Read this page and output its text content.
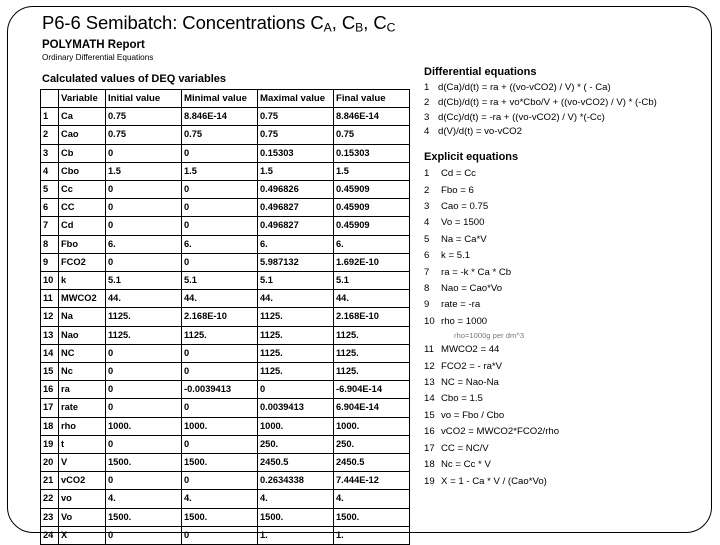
P6-6 Semibatch: Concentrations $C_A$, $C_B$, $C_C$
POLYMATH Report
Ordinary Differential Equations
Calculated values of DEQ variables
	Variable	Initial value	Minimal value	Maximal value	Final value
1	Ca	0.75	8.846E-14	0.75	8.846E-14
2	Cao	0.75	0.75	0.75	0.75
3	Cb	0	0	0.15303	0.15303
4	Cbo	1.5	1.5	1.5	1.5
5	Cc	0	0	0.496826	0.45909
6	CC	0	0	0.496827	0.45909
7	Cd	0	0	0.496827	0.45909
8	Fbo	6.	6.	6.	6.
9	FCO2	0	0	5.987132	1.692E-10
10	k	5.1	5.1	5.1	5.1
11	MWCO2	44.	44.	44.	44.
12	Na	1125.	2.168E-10	1125.	2.168E-10
13	Nao	1125.	1125.	1125.	1125.
14	NC	0	0	1125.	1125.
15	Nc	0	0	1125.	1125.
16	ra	0	-0.0039413	0	-6.904E-14
17	rate	0	0	0.0039413	6.904E-14
18	rho	1000.	1000.	1000.	1000.
19	t	0	0	250.	250.
20	V	1500.	1500.	2450.5	2450.5
21	vCO2	0	0	0.2634338	7.444E-12
22	vo	4.	4.	4.	4.
23	Vo	1500.	1500.	1500.	1500.
24	X	0	0	1.	1.
Differential equations
1 d(Ca)/d(t) = ra + ((vo-vCO2) / V) * ( - Ca)
2 d(Cb)/d(t) = ra + vo*Cbo/V + ((vo-vCO2) / V) * (-Cb)
3 d(Cc)/d(t) = -ra + ((vo-vCO2) / V) *(-Cc)
4 d(V)/d(t) = vo-vCO2
Explicit equations
1	Cd = Cc
2	Fbo = 6
3	Cao = 0.75
4	Vo = 1500
5	Na = Ca*V
6	k = 5.1
7	ra = -k * Ca * Cb
8	Nao = Cao*Vo
9	rate = -ra
10 rho = 1000
rho=1000g per dm^3
11 MWCO2 = 44
12 FCO2 = - ra*V
13 NC = Nao-Na
14 Cbo = 1.5
15 vo = Fbo / Cbo
16 vCO2 = MWCO2*FCO2/rho
17 CC = NC/V
18 Nc = Cc * V
19 X = 1 - Ca * V / (Cao*Vo)
